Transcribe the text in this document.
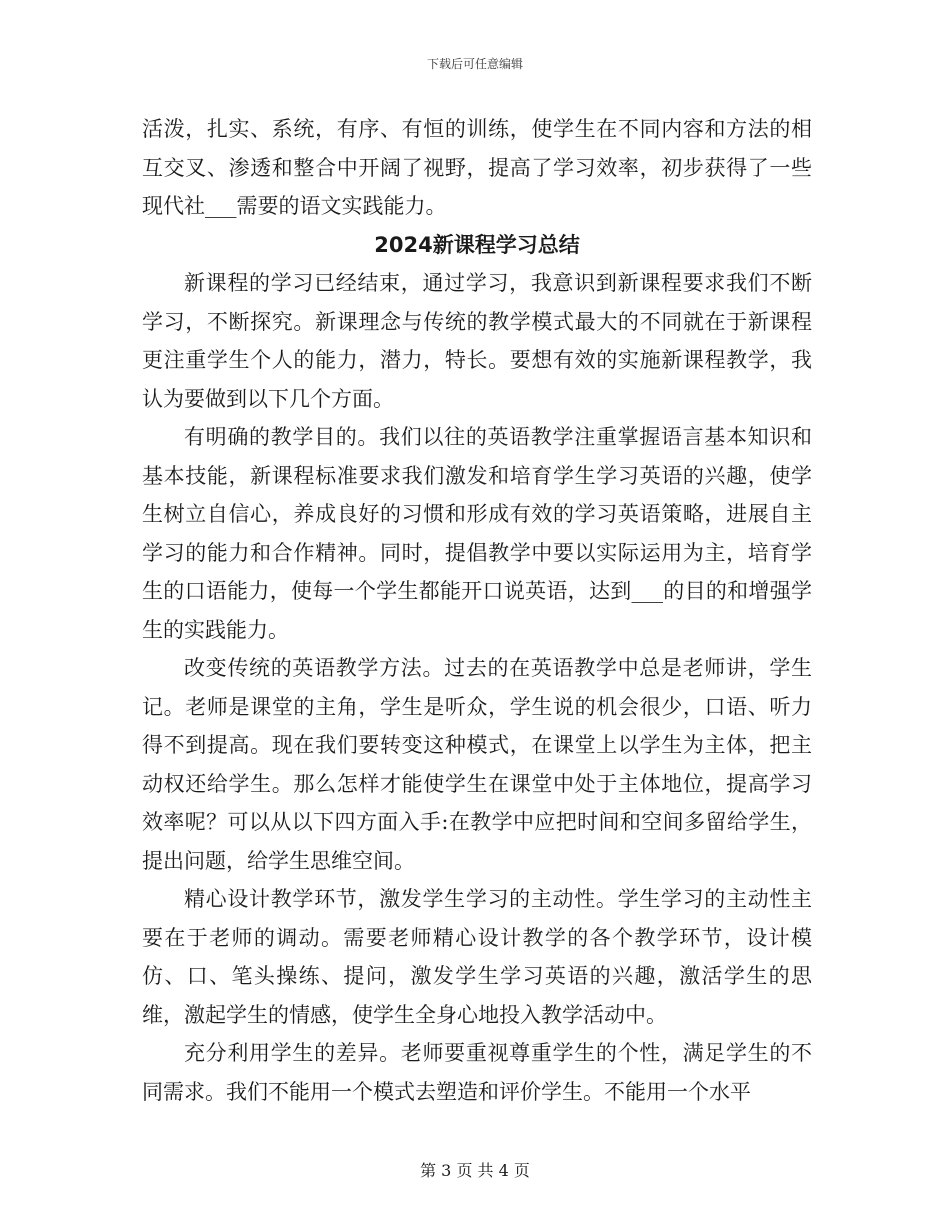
下载后可任意编辑

活泼，扎实、系统，有序、有恒的训练，使学生在不同内容和方法的相互交叉、渗透和整合中开阔了视野，提高了学习效率，初步获得了一些现代社___需要的语文实践能力。

2024新课程学习总结

新课程的学习已经结束，通过学习，我意识到新课程要求我们不断学习，不断探究。新课理念与传统的教学模式最大的不同就在于新课程更注重学生个人的能力，潜力，特长。要想有效的实施新课程教学，我认为要做到以下几个方面。

有明确的教学目的。我们以往的英语教学注重掌握语言基本知识和基本技能，新课程标准要求我们激发和培育学生学习英语的兴趣，使学生树立自信心，养成良好的习惯和形成有效的学习英语策略，进展自主学习的能力和合作精神。同时，提倡教学中要以实际运用为主，培育学生的口语能力，使每一个学生都能开口说英语，达到___的目的和增强学生的实践能力。

改变传统的英语教学方法。过去的在英语教学中总是老师讲，学生记。老师是课堂的主角，学生是听众，学生说的机会很少，口语、听力得不到提高。现在我们要转变这种模式，在课堂上以学生为主体，把主动权还给学生。那么怎样才能使学生在课堂中处于主体地位，提高学习效率呢？可以从以下四方面入手:在教学中应把时间和空间多留给学生，提出问题，给学生思维空间。

精心设计教学环节，激发学生学习的主动性。学生学习的主动性主要在于老师的调动。需要老师精心设计教学的各个教学环节，设计模仿、口、笔头操练、提问，激发学生学习英语的兴趣，激活学生的思维，激起学生的情感，使学生全身心地投入教学活动中。

充分利用学生的差异。老师要重视尊重学生的个性，满足学生的不同需求。我们不能用一个模式去塑造和评价学生。不能用一个水平

第 3 页 共 4 页
